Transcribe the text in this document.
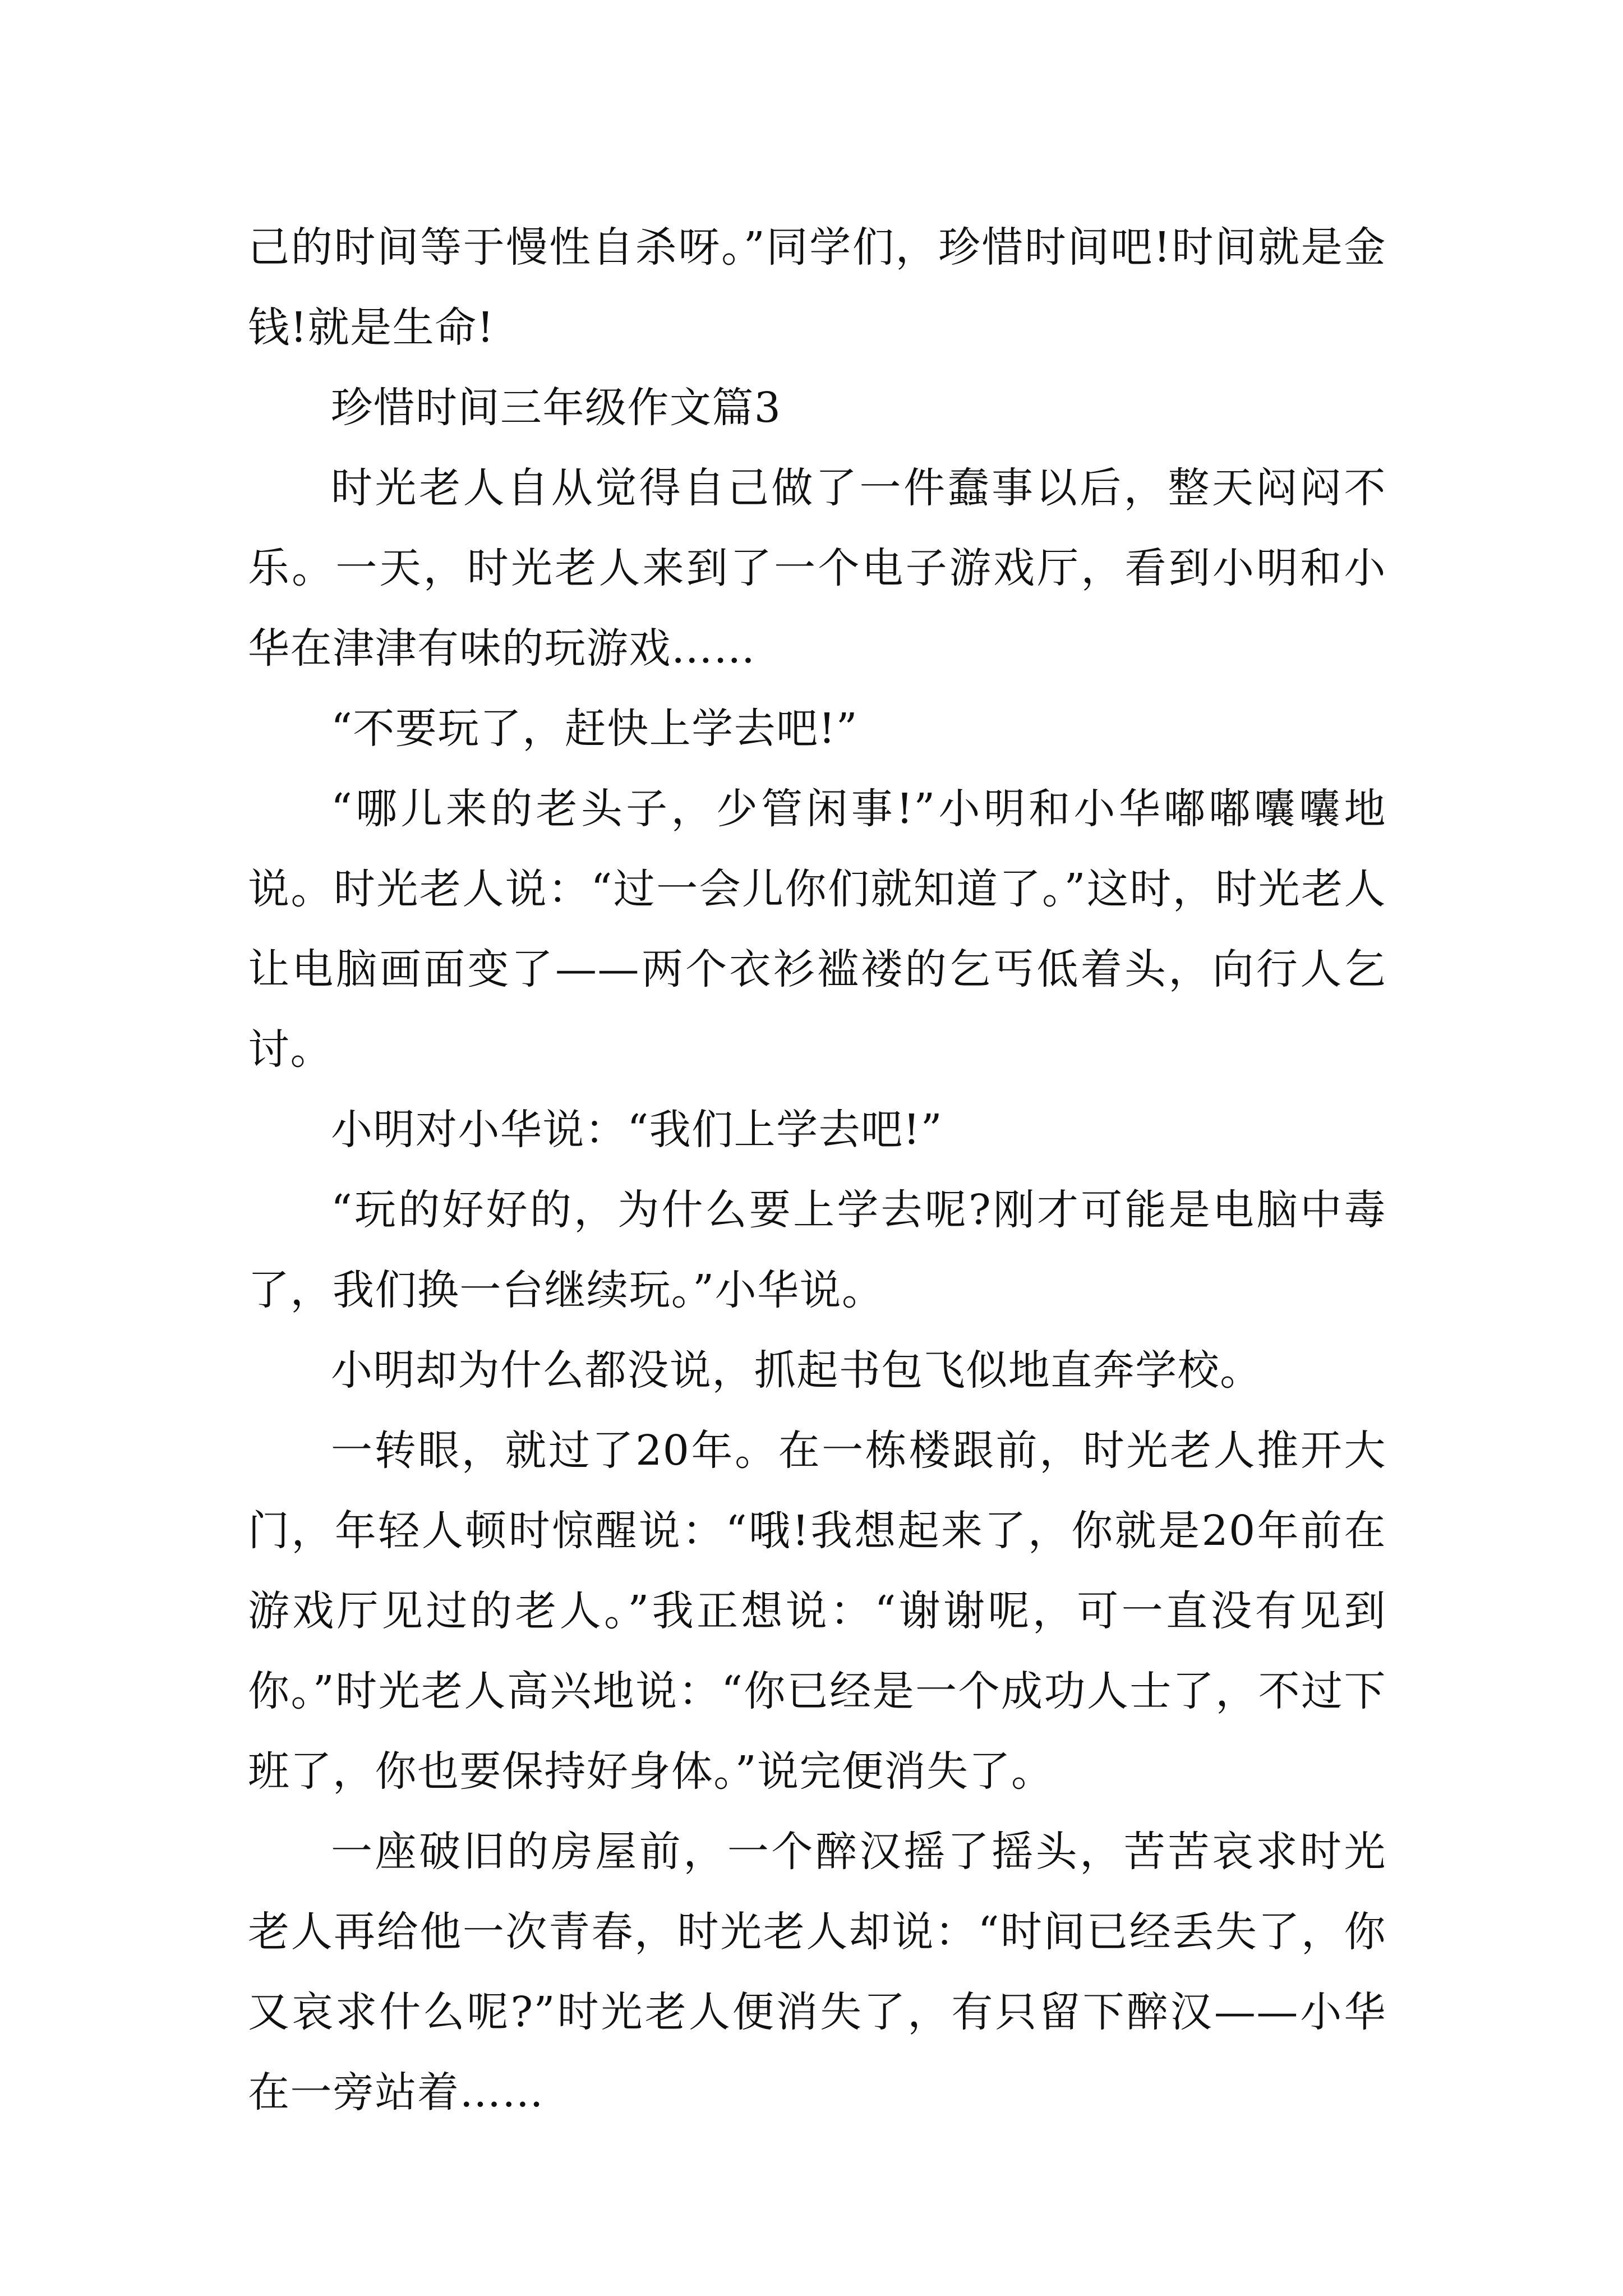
己的时间等于慢性自杀呀。”同学们，珍惜时间吧!时间就是金钱!就是生命!

珍惜时间三年级作文篇3

时光老人自从觉得自己做了一件蠢事以后，整天闷闷不乐。一天，时光老人来到了一个电子游戏厅，看到小明和小华在津津有味的玩游戏……

“不要玩了，赶快上学去吧!”

“哪儿来的老头子，少管闲事!”小明和小华嘟嘟囔囔地说。时光老人说：“过一会儿你们就知道了。”这时，时光老人让电脑画面变了——两个衣衫褴褛的乞丐低着头，向行人乞讨。

小明对小华说：“我们上学去吧!”

“玩的好好的，为什么要上学去呢?刚才可能是电脑中毒了，我们换一台继续玩。”小华说。

小明却为什么都没说，抓起书包飞似地直奔学校。

一转眼，就过了20年。在一栋楼跟前，时光老人推开大门，年轻人顿时惊醒说：“哦!我想起来了，你就是20年前在游戏厅见过的老人。”我正想说：“谢谢呢，可一直没有见到你。”时光老人高兴地说：“你已经是一个成功人士了，不过下班了，你也要保持好身体。”说完便消失了。

一座破旧的房屋前，一个醉汉摇了摇头，苦苦哀求时光老人再给他一次青春，时光老人却说：“时间已经丢失了，你又哀求什么呢?”时光老人便消失了，有只留下醉汉——小华在一旁站着……
